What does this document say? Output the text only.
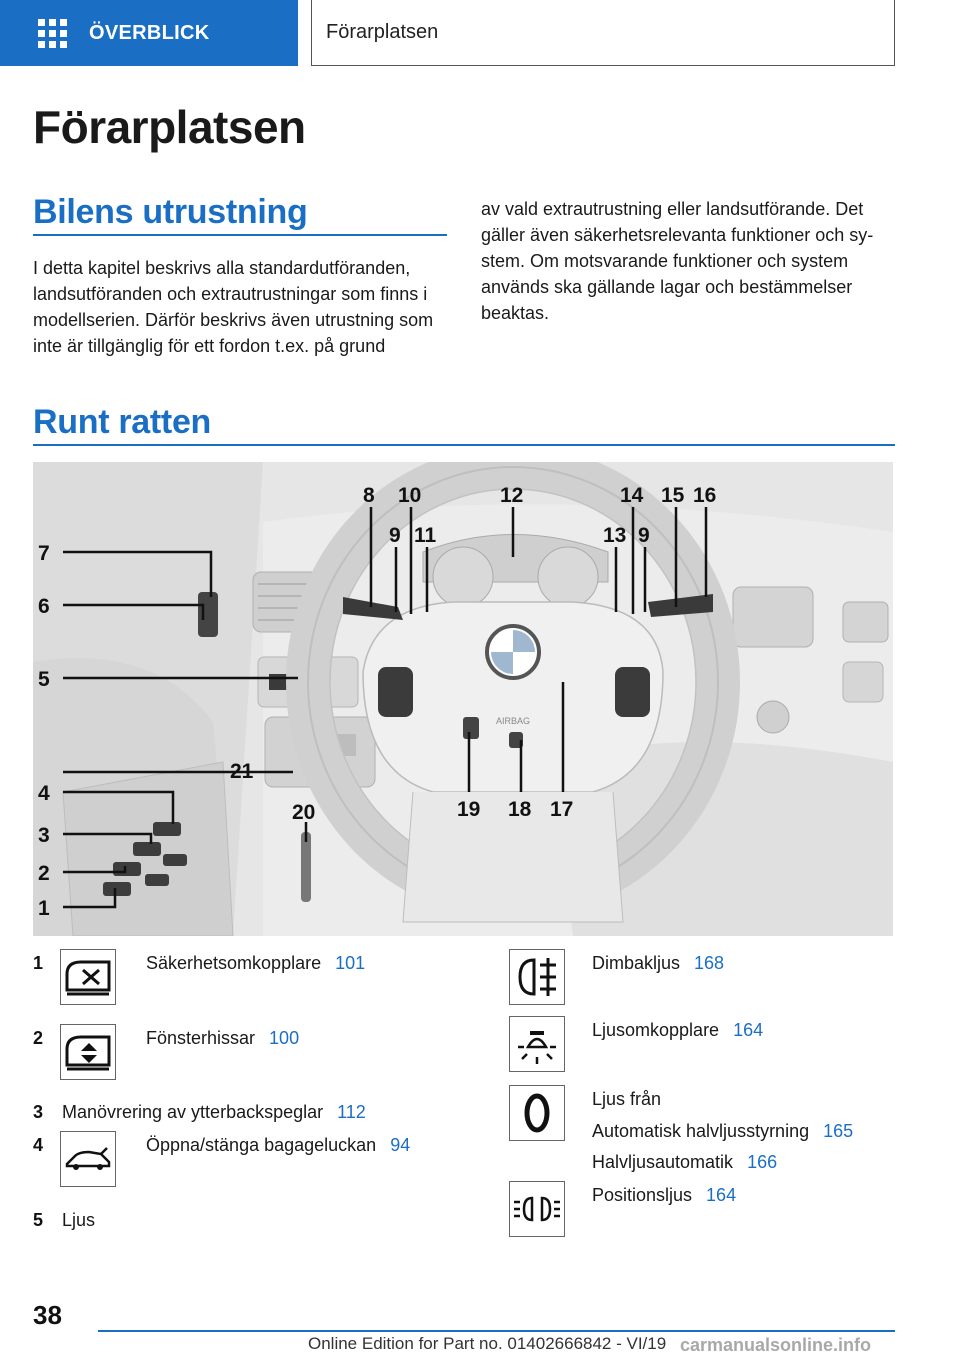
ÖVERBLICK	Förarplatsen
Förarplatsen
Bilens utrustning
I detta kapitel beskrivs alla standardutföranden, landsutföranden och extrautrustningar som finns i modellserien. Därför beskrivs även utrustning som inte är tillgänglig för ett fordon t.ex. på grund
av vald extrautrustning eller landsutförande. Det gäller även säkerhetsrelevanta funktioner och sy-stem. Om motsvarande funktioner och system används ska gällande lagar och bestämmelser beaktas.
Runt ratten
AIRBAG
7
6
5
4
3
2
1
21
20
8
9
10
11
12
13 9
14 15 16
19 18 17
1	Säkerhetsomkopplare 101
2	Fönsterhissar 100
3 Manövrering av ytterbackspeglar 112
4	Öppna/stänga bagageluckan 94
5 Ljus
Dimbakljus 168
Ljusomkopplare 164
Ljus från
Automatisk halvljusstyrning 165
Halvljusautomatik 166
Positionsljus 164
38
Online Edition for Part no. 01402666842 - VI/19 carmanualsonline.info
